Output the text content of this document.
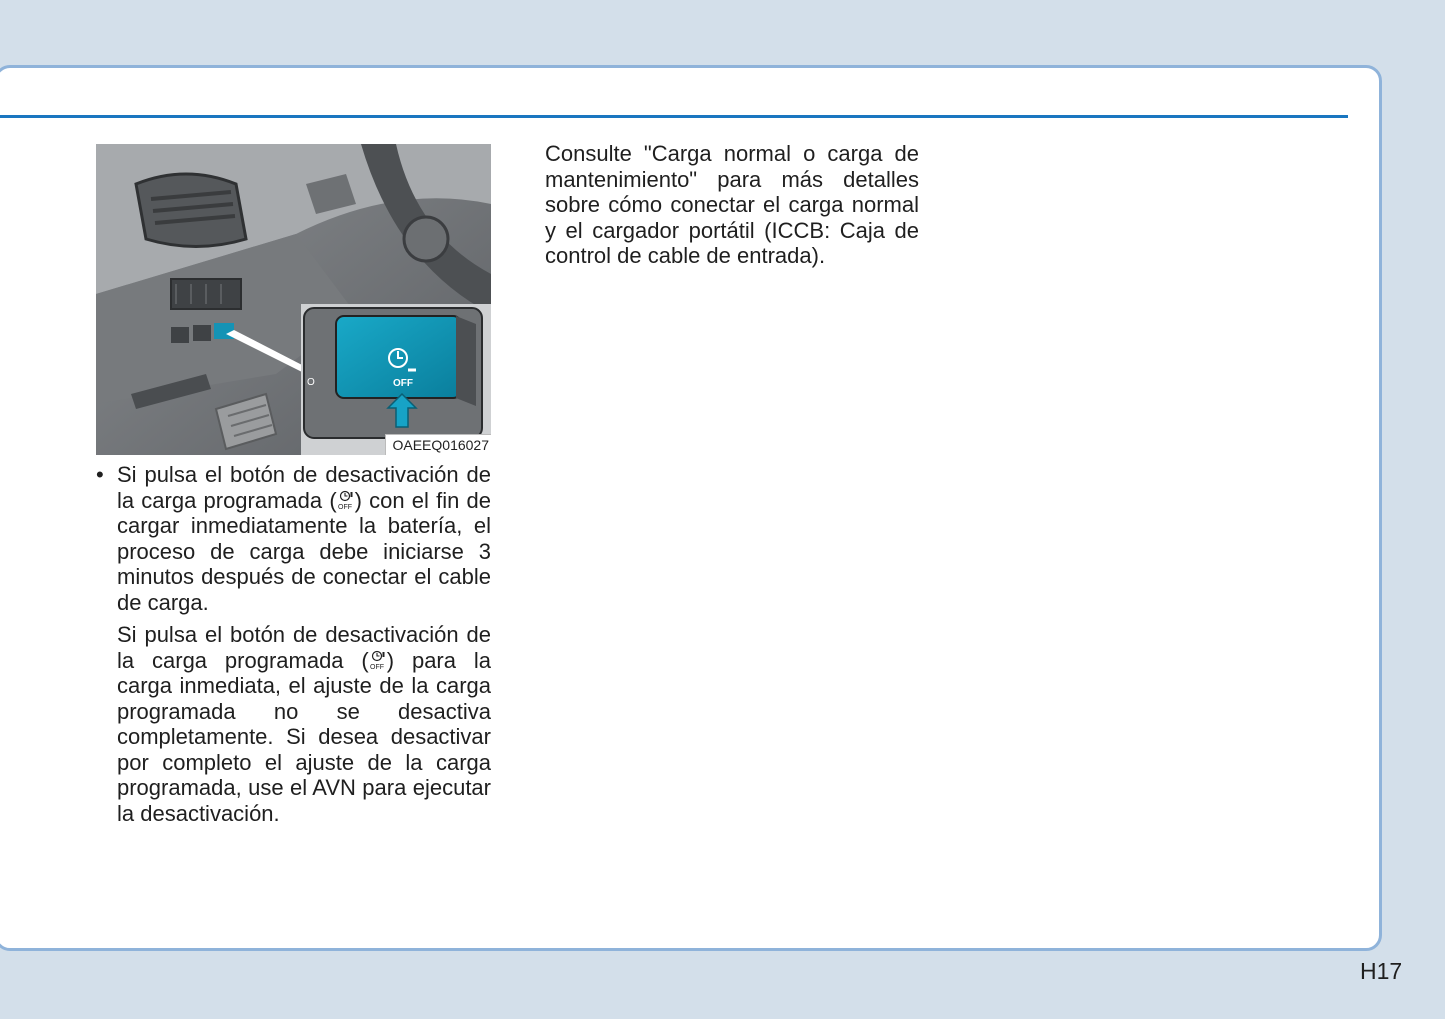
OFF
O
OAEEQ016027
• Si pulsa el botón de desactivación de la carga programada ( OFF ) con el fin de cargar inmediatamente la batería, el proceso de carga debe iniciarse 3 minutos después de conectar el cable de carga.

Si pulsa el botón de desactivación de la carga programada ( OFF ) para la carga inmediata, el ajuste de la carga programada no se desactiva completamente. Si desea desactivar por completo el ajuste de la carga programada, use el AVN para ejecutar la desactivación.

Consulte "Carga normal o carga de mantenimiento" para más detalles sobre cómo conectar el carga normal y el cargador portátil (ICCB: Caja de control de cable de entrada).

H17
